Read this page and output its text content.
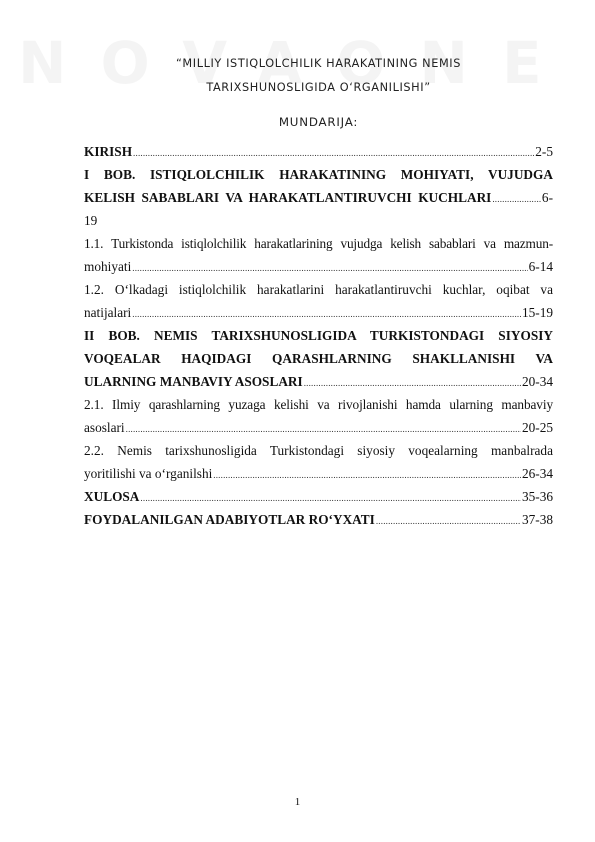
“MILLIY ISTIQLOLCHILIK HARAKATINING NEMIS
TARIXSHUNOSLIGIDA O‘RGANILISHI”
MUNDARIJA:
KIRISH .....	2-5
I BOB. ISTIQLOLCHILIK HARAKATINING MOHIYATI, VUJUDGA
KELISH SABABLARI VA HARAKATLANTIRUVCHI KUCHLARI .....	6-
19
1.1. Turkistonda istiqlolchilik harakatlarining vujudga kelish sabablari va mazmun-
mohiyati .....	6-14
1.2. O‘lkadagi istiqlolchilik harakatlarini harakatlantiruvchi kuchlar, oqibat va
natijalari .....	15-19
II BOB. NEMIS TARIXSHUNOSLIGIDA TURKISTONDAGI SIYOSIY
VOQEALAR HAQIDAGI QARASHLARNING SHAKLLANISHI VA
ULARNING MANBAVIY ASOSLARI .....	20-34
2.1. Ilmiy qarashlarning yuzaga kelishi va rivojlanishi hamda ularning manbaviy
asoslari .....	20-25
2.2. Nemis tarixshunosligida Turkistondagi siyosiy voqealarning manbalrada
yoritilishi va o‘rganilshi .....	26-34
XULOSA .....	35-36
FOYDALANILGAN ADABIYOTLAR RO‘YXATI .....	37-38
1
